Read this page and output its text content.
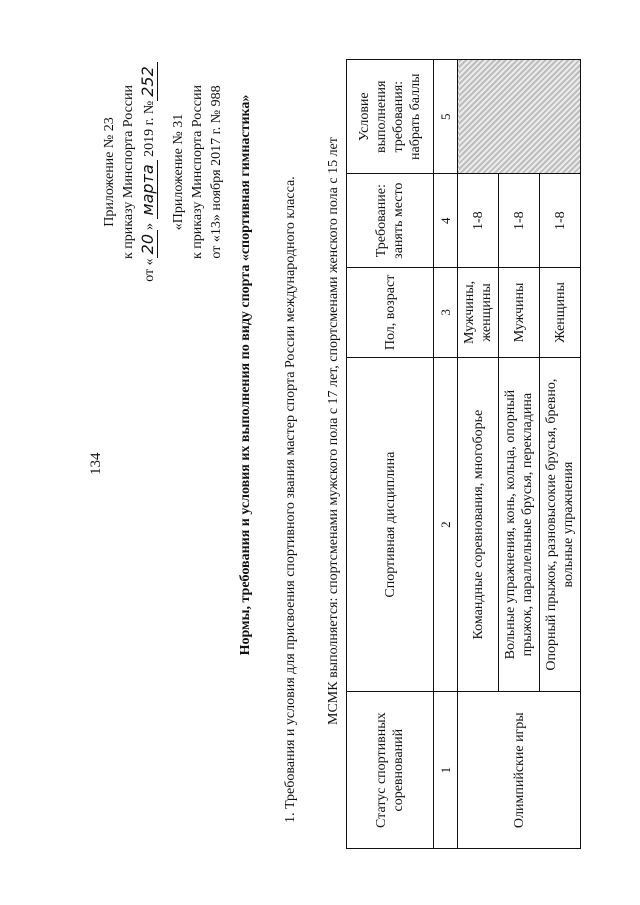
134
Приложение № 23 к приказу Минспорта России
от «20» марта 2019 г. №252
«Приложение № 31 к приказу Минспорта России от «13» ноября 2017 г. № 988 Нормы, требования и условия их выполнения по виду спорта «спортивная гимнастика» 1. Требования и условия для присвоения спортивного звания мастер спорта России международного класса. МСМК выполняется: спортсменами мужского пола с 17 лет, спортсменами женского пола с 15 лет
Статус спортивных соревнований	Спортивная дисциплина	Пол, возраст	Требование: занять место	Условие выполнения требования: набрать баллы
1	2	3	4	5
Олимпийские игры	Командные соревнования, многоборье	Мужчины, женщины	1-8	
	Вольные упражнения, конь, кольца, опорный прыжок, параллельные брусья, перекладина	Мужчины	1-8	
	Опорный прыжок, разновысокие брусья, бревно, вольные упражнения	Женщины	1-8	
